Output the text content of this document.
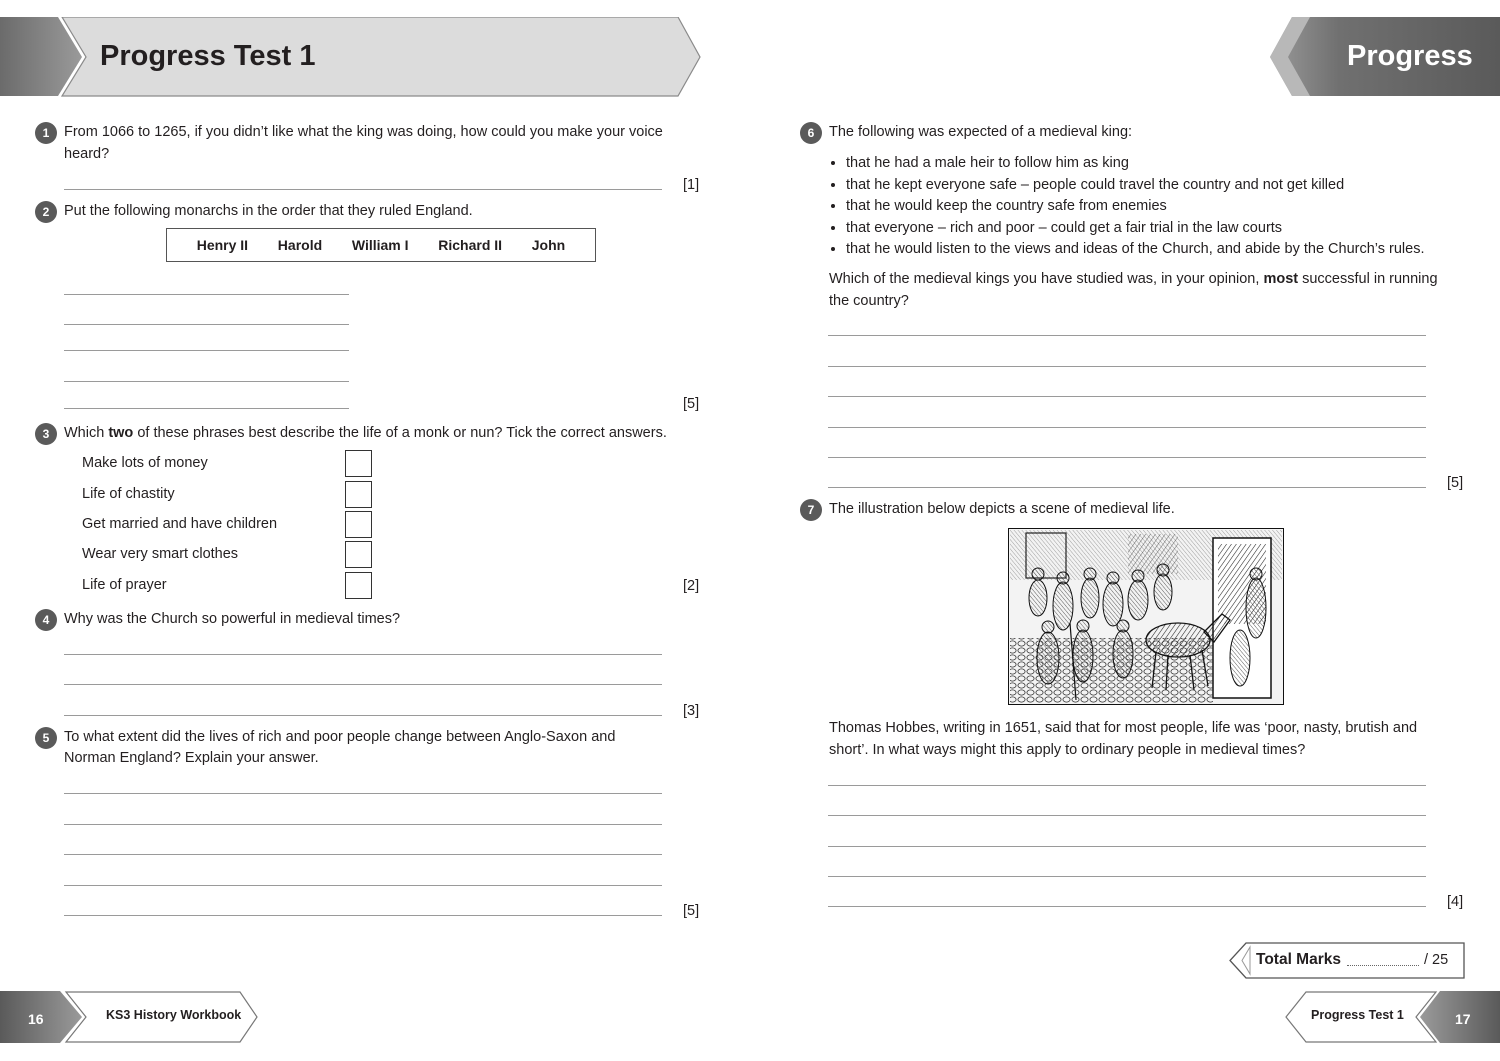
Progress Test 1	Progress
1	From 1066 to 1265, if you didn’t like what the king was doing, how could you make your voice heard?
[1]
2	Put the following monarchs in the order that they ruled England.
Henry II Harold William I Richard II John
[5]
3	Which two of these phrases best describe the life of a monk or nun? Tick the correct answers.
Make lots of money
Life of chastity
Get married and have children
Wear very smart clothes
Life of prayer	[2]
4	Why was the Church so powerful in medieval times?
[3]
5	To what extent did the lives of rich and poor people change between Anglo-Saxon and
Norman England? Explain your answer.
[5]
6	The following was expected of a medieval king:
• that he had a male heir to follow him as king
• that he kept everyone safe – people could travel the country and not get killed
• that he would keep the country safe from enemies
• that everyone – rich and poor – could get a fair trial in the law courts
• that he would listen to the views and ideas of the Church, and abide by the Church’s rules.
Which of the medieval kings you have studied was, in your opinion, most successful in running the country?
[5]
7	The illustration below depicts a scene of medieval life.
Thomas Hobbes, writing in 1651, said that for most people, life was ‘poor, nasty, brutish and short’. In what ways might this apply to ordinary people in medieval times?
[4]
Total Marks	/ 25
16	KS3 History Workbook	Progress Test 1	17
